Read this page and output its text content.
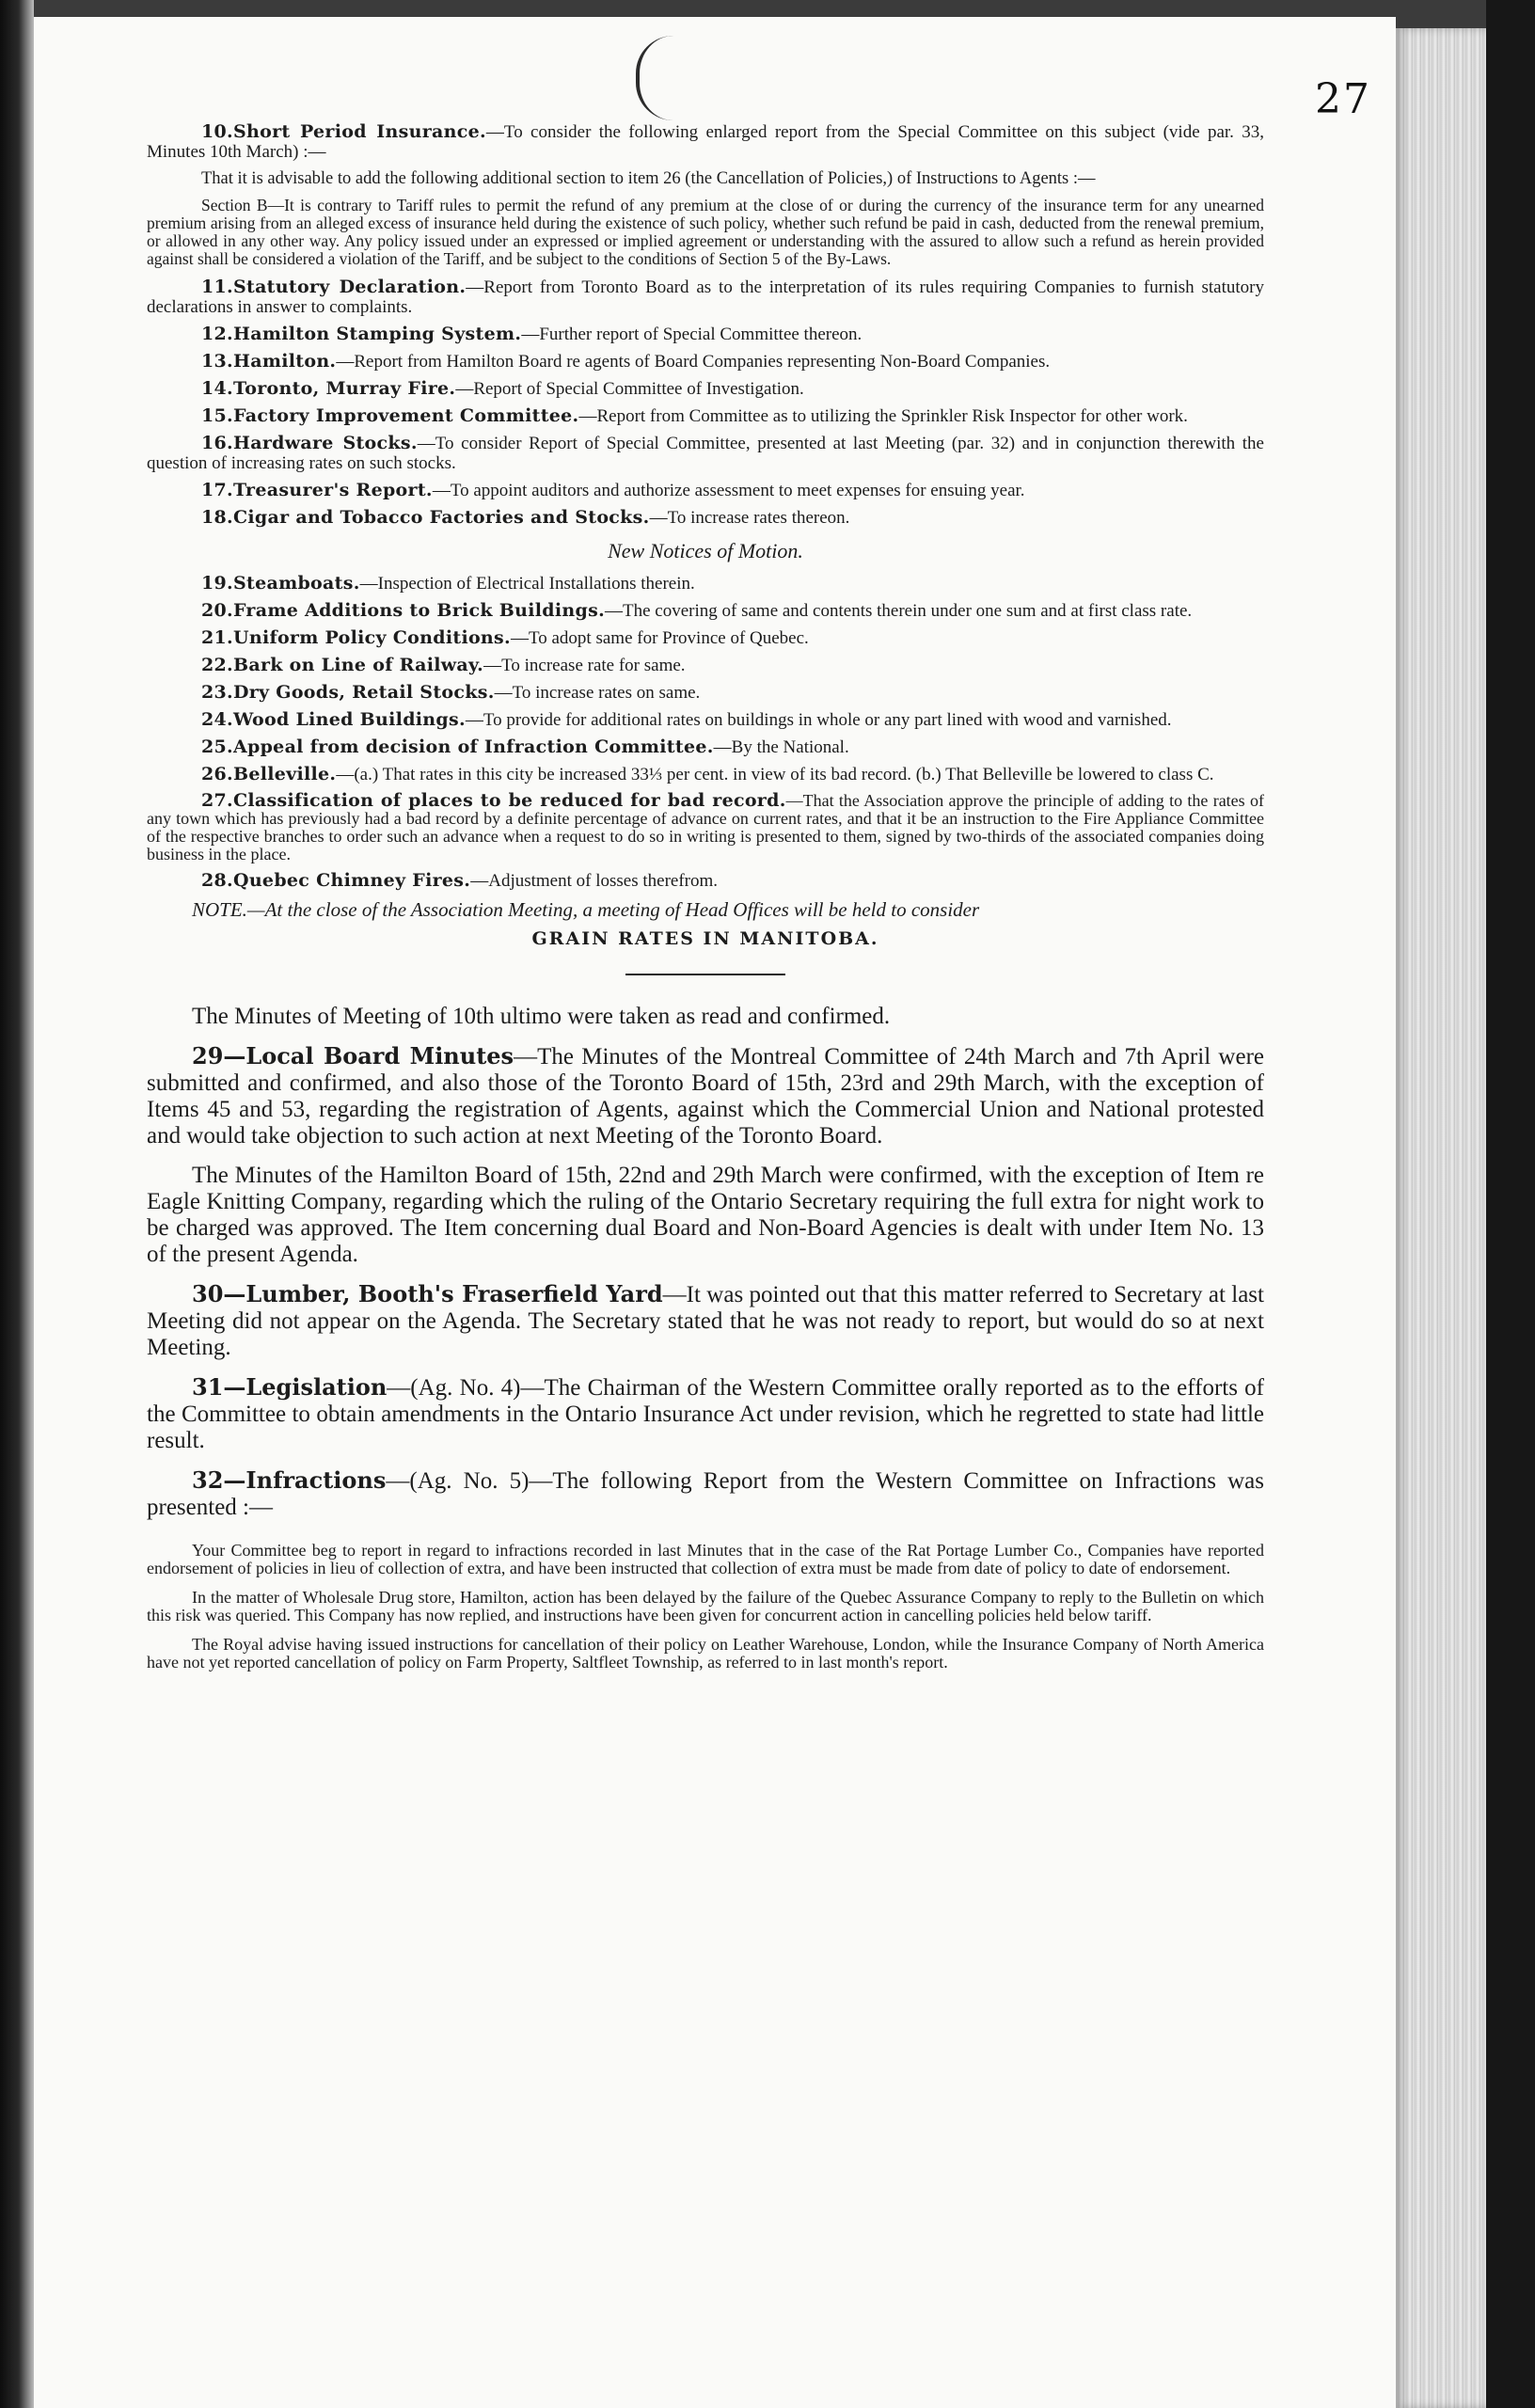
27

10.Short Period Insurance.—To consider the following enlarged report from the Special Committee on this subject (vide par. 33, Minutes 10th March) :—

That it is advisable to add the following additional section to item 26 (the Cancellation of Policies,) of Instructions to Agents :—

Section B—It is contrary to Tariff rules to permit the refund of any premium at the close of or during the currency of the insurance term for any unearned premium arising from an alleged excess of insurance held during the existence of such policy, whether such refund be paid in cash, deducted from the renewal premium, or allowed in any other way. Any policy issued under an expressed or implied agreement or understanding with the assured to allow such a refund as herein provided against shall be considered a violation of the Tariff, and be subject to the conditions of Section 5 of the By-Laws.

11.Statutory Declaration.—Report from Toronto Board as to the interpretation of its rules requiring Companies to furnish statutory declarations in answer to complaints.

12.Hamilton Stamping System.—Further report of Special Committee thereon.

13.Hamilton.—Report from Hamilton Board re agents of Board Companies representing Non-Board Companies.

14.Toronto, Murray Fire.—Report of Special Committee of Investigation.

15.Factory Improvement Committee.—Report from Committee as to utilizing the Sprinkler Risk Inspector for other work.

16.Hardware Stocks.—To consider Report of Special Committee, presented at last Meeting (par. 32) and in conjunction therewith the question of increasing rates on such stocks.

17.Treasurer's Report.—To appoint auditors and authorize assessment to meet expenses for ensuing year.

18.Cigar and Tobacco Factories and Stocks.—To increase rates thereon.

New Notices of Motion.

19.Steamboats.—Inspection of Electrical Installations therein.

20.Frame Additions to Brick Buildings.—The covering of same and contents therein under one sum and at first class rate.

21.Uniform Policy Conditions.—To adopt same for Province of Quebec.

22.Bark on Line of Railway.—To increase rate for same.

23.Dry Goods, Retail Stocks.—To increase rates on same.

24.Wood Lined Buildings.—To provide for additional rates on buildings in whole or any part lined with wood and varnished.

25.Appeal from decision of Infraction Committee.—By the National.

26.Belleville.—(a.) That rates in this city be increased 33⅓ per cent. in view of its bad record. (b.) That Belleville be lowered to class C.

27.Classification of places to be reduced for bad record.—That the Association approve the principle of adding to the rates of any town which has previously had a bad record by a definite percentage of advance on current rates, and that it be an instruction to the Fire Appliance Committee of the respective branches to order such an advance when a request to do so in writing is presented to them, signed by two-thirds of the associated companies doing business in the place.

28.Quebec Chimney Fires.—Adjustment of losses therefrom.

NOTE.—At the close of the Association Meeting, a meeting of Head Offices will be held to consider

GRAIN RATES IN MANITOBA.

The Minutes of Meeting of 10th ultimo were taken as read and confirmed.

29—Local Board Minutes—The Minutes of the Montreal Committee of 24th March and 7th April were submitted and confirmed, and also those of the Toronto Board of 15th, 23rd and 29th March, with the exception of Items 45 and 53, regarding the registration of Agents, against which the Commercial Union and National protested and would take objection to such action at next Meeting of the Toronto Board.

The Minutes of the Hamilton Board of 15th, 22nd and 29th March were confirmed, with the exception of Item re Eagle Knitting Company, regarding which the ruling of the Ontario Secretary requiring the full extra for night work to be charged was approved. The Item concerning dual Board and Non-Board Agencies is dealt with under Item No. 13 of the present Agenda.

30—Lumber, Booth's Fraserfield Yard—It was pointed out that this matter referred to Secretary at last Meeting did not appear on the Agenda. The Secretary stated that he was not ready to report, but would do so at next Meeting.

31—Legislation—(Ag. No. 4)—The Chairman of the Western Committee orally reported as to the efforts of the Committee to obtain amendments in the Ontario Insurance Act under revision, which he regretted to state had little result.

32—Infractions—(Ag. No. 5)—The following Report from the Western Committee on Infractions was presented :—

Your Committee beg to report in regard to infractions recorded in last Minutes that in the case of the Rat Portage Lumber Co., Companies have reported endorsement of policies in lieu of collection of extra, and have been instructed that collection of extra must be made from date of policy to date of endorsement.

In the matter of Wholesale Drug store, Hamilton, action has been delayed by the failure of the Quebec Assurance Company to reply to the Bulletin on which this risk was queried. This Company has now replied, and instructions have been given for concurrent action in cancelling policies held below tariff.

The Royal advise having issued instructions for cancellation of their policy on Leather Warehouse, London, while the Insurance Company of North America have not yet reported cancellation of policy on Farm Property, Saltfleet Township, as referred to in last month's report.
